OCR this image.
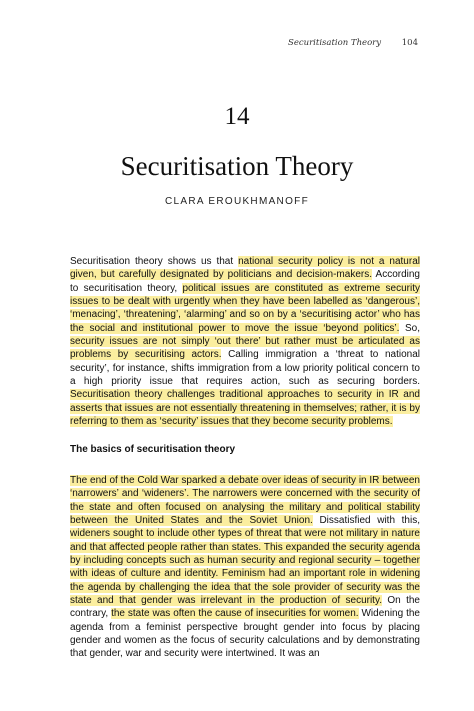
Securitisation Theory 104
14
Securitisation Theory
CLARA EROUKHMANOFF

Securitisation theory shows us that national security policy is not a natural given, but carefully designated by politicians and decision-makers. According to securitisation theory, political issues are constituted as extreme security issues to be dealt with urgently when they have been labelled as ‘dangerous’, ‘menacing’, ‘threatening’, ‘alarming’ and so on by a ‘securitising actor’ who has the social and institutional power to move the issue ‘beyond politics’. So, security issues are not simply ‘out there’ but rather must be articulated as problems by securitising actors. Calling immigration a ‘threat to national security’, for instance, shifts immigration from a low priority political concern to a high priority issue that requires action, such as securing borders. Securitisation theory challenges traditional approaches to security in IR and asserts that issues are not essentially threatening in themselves; rather, it is by referring to them as ‘security’ issues that they become security problems.

The basics of securitisation theory

The end of the Cold War sparked a debate over ideas of security in IR between ‘narrowers’ and ‘wideners’. The narrowers were concerned with the security of the state and often focused on analysing the military and political stability between the United States and the Soviet Union. Dissatisfied with this, wideners sought to include other types of threat that were not military in nature and that affected people rather than states. This expanded the security agenda by including concepts such as human security and regional security – together with ideas of culture and identity. Feminism had an important role in widening the agenda by challenging the idea that the sole provider of security was the state and that gender was irrelevant in the production of security. On the contrary, the state was often the cause of insecurities for women. Widening the agenda from a feminist perspective brought gender into focus by placing gender and women as the focus of security calculations and by demonstrating that gender, war and security were intertwined. It was an
